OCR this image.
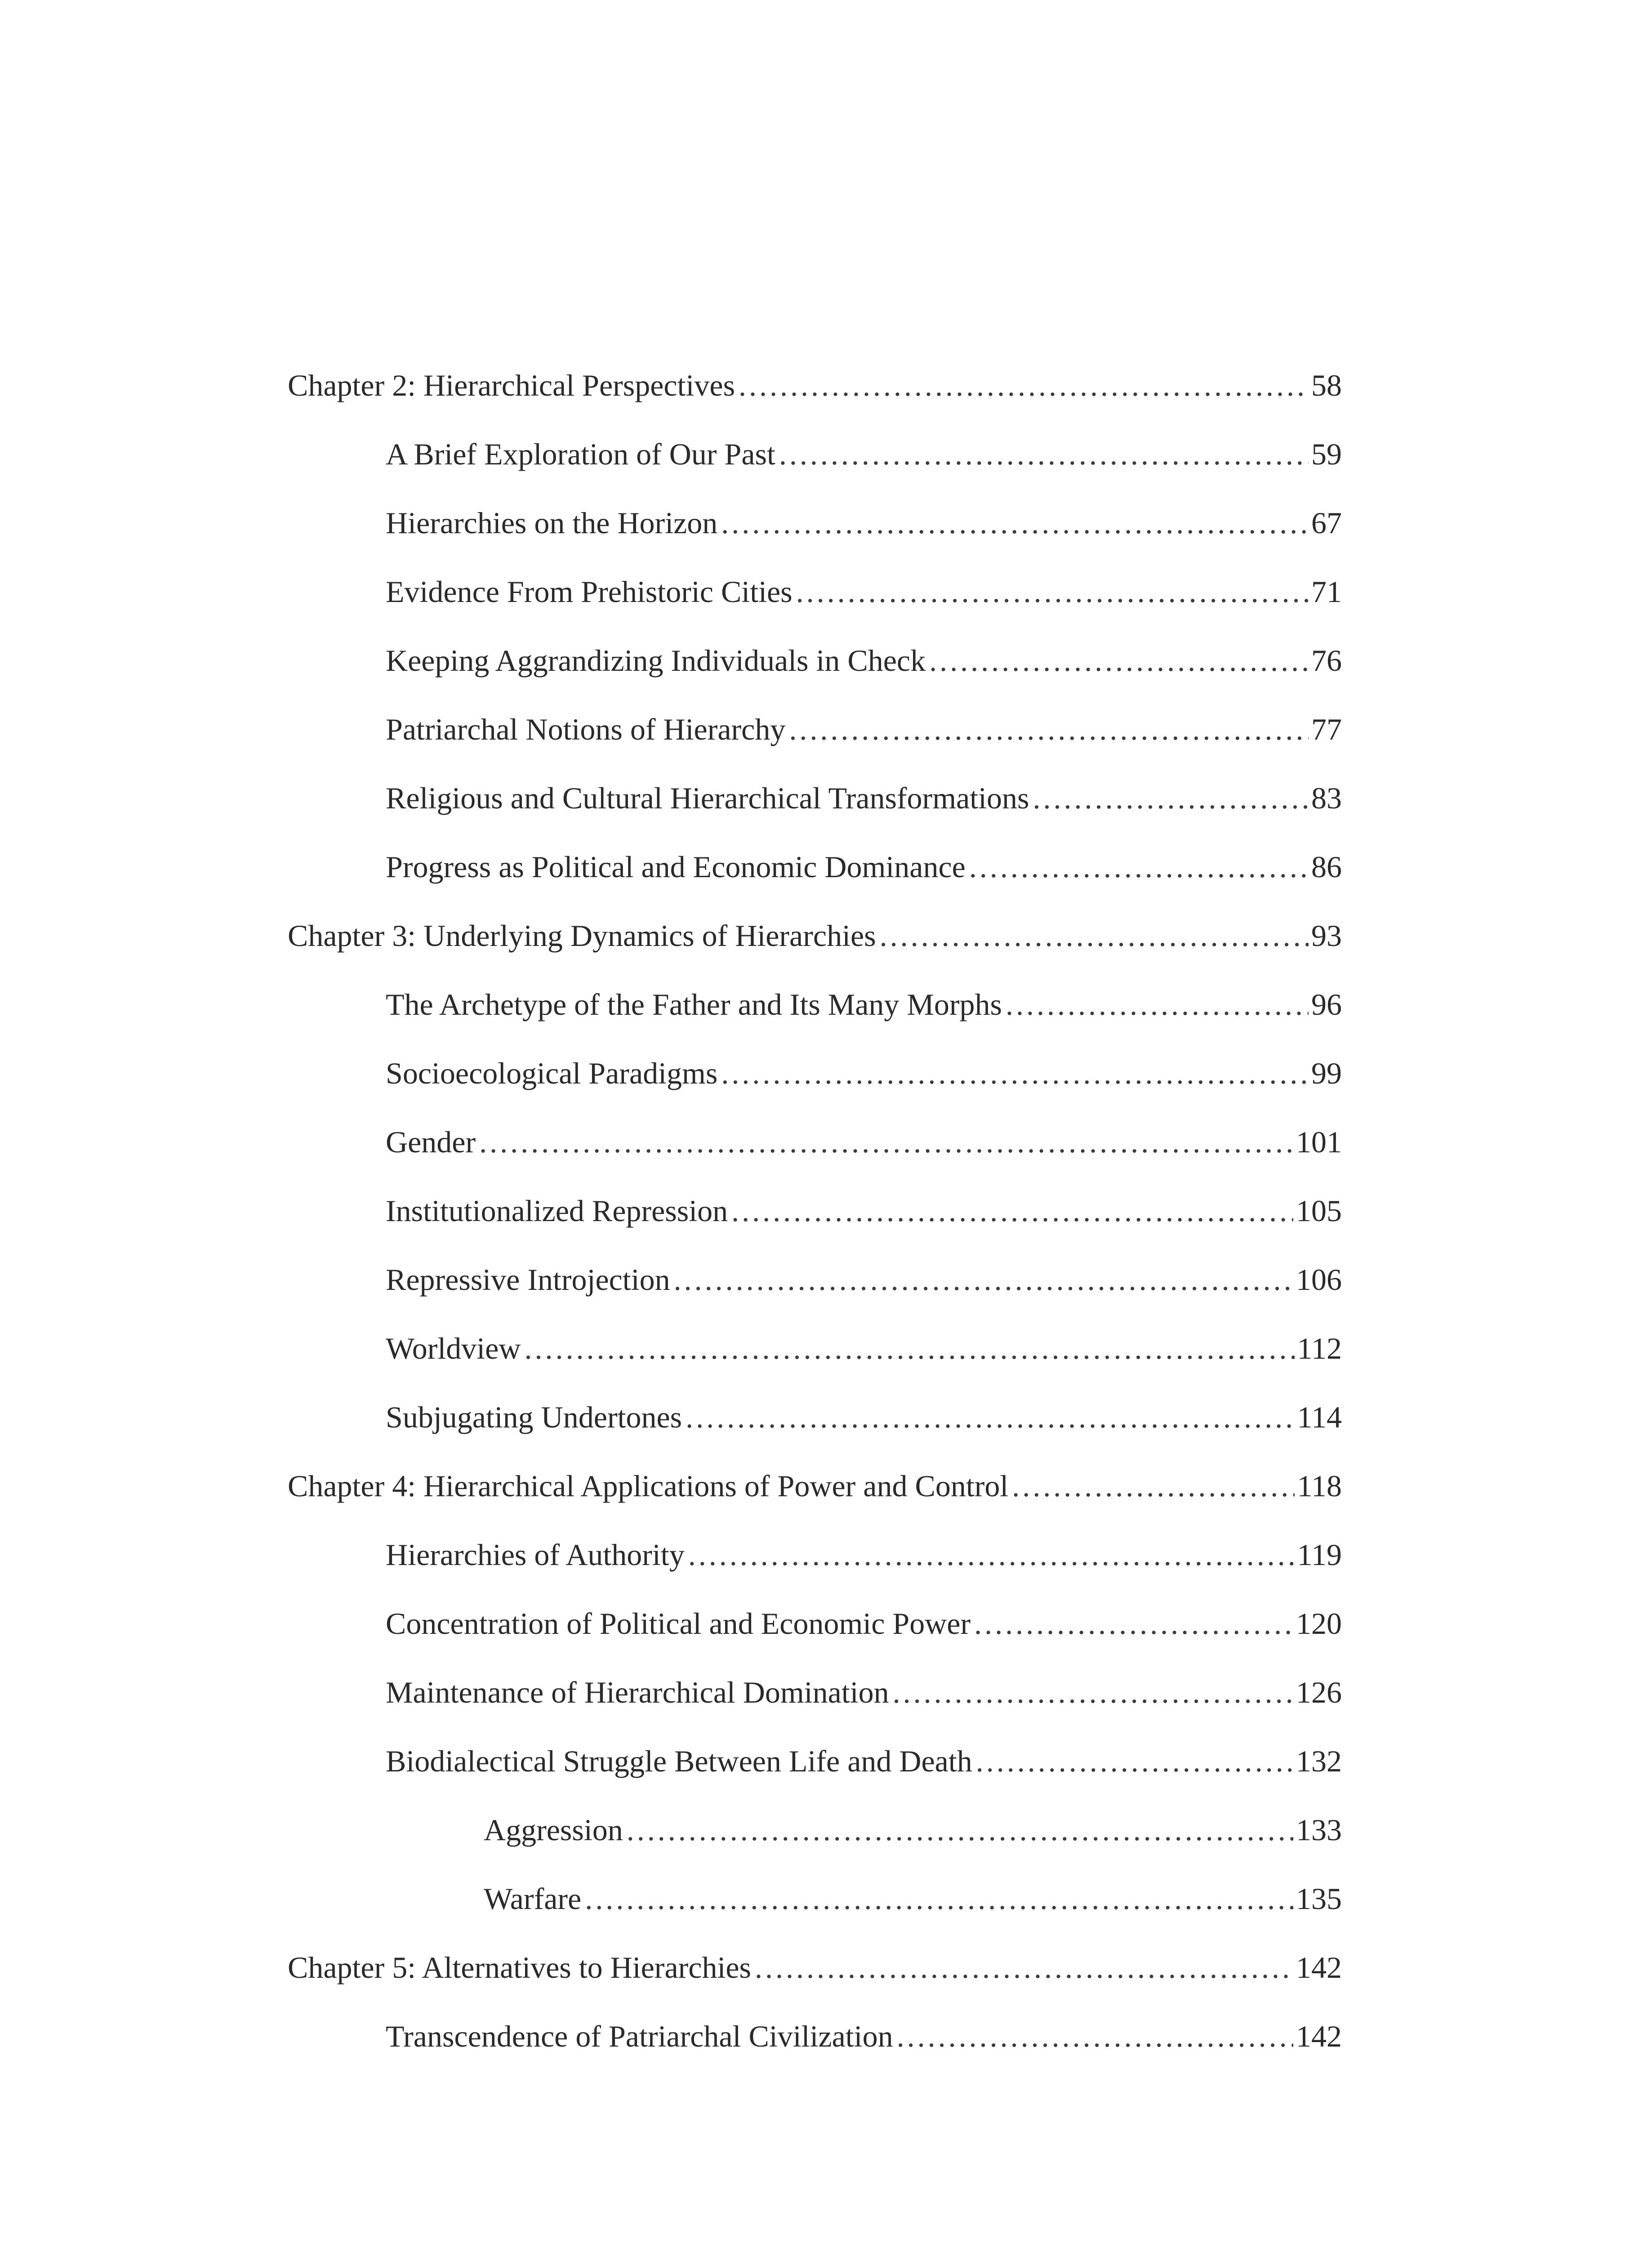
Chapter 2: Hierarchical Perspectives .....	58
A Brief Exploration of Our Past .....	59
Hierarchies on the Horizon .....	67
Evidence From Prehistoric Cities .....	71
Keeping Aggrandizing Individuals in Check .....	76
Patriarchal Notions of Hierarchy .....	77
Religious and Cultural Hierarchical Transformations .....	83
Progress as Political and Economic Dominance .....	86
Chapter 3: Underlying Dynamics of Hierarchies .....	93
The Archetype of the Father and Its Many Morphs .....	96
Socioecological Paradigms .....	99
Gender .....	101
Institutionalized Repression .....	105
Repressive Introjection .....	106
Worldview .....	112
Subjugating Undertones .....	114
Chapter 4: Hierarchical Applications of Power and Control .....	118
Hierarchies of Authority .....	119
Concentration of Political and Economic Power .....	120
Maintenance of Hierarchical Domination .....	126
Biodialectical Struggle Between Life and Death .....	132
Aggression .....	133
Warfare .....	135
Chapter 5: Alternatives to Hierarchies .....	142
Transcendence of Patriarchal Civilization .....	142
